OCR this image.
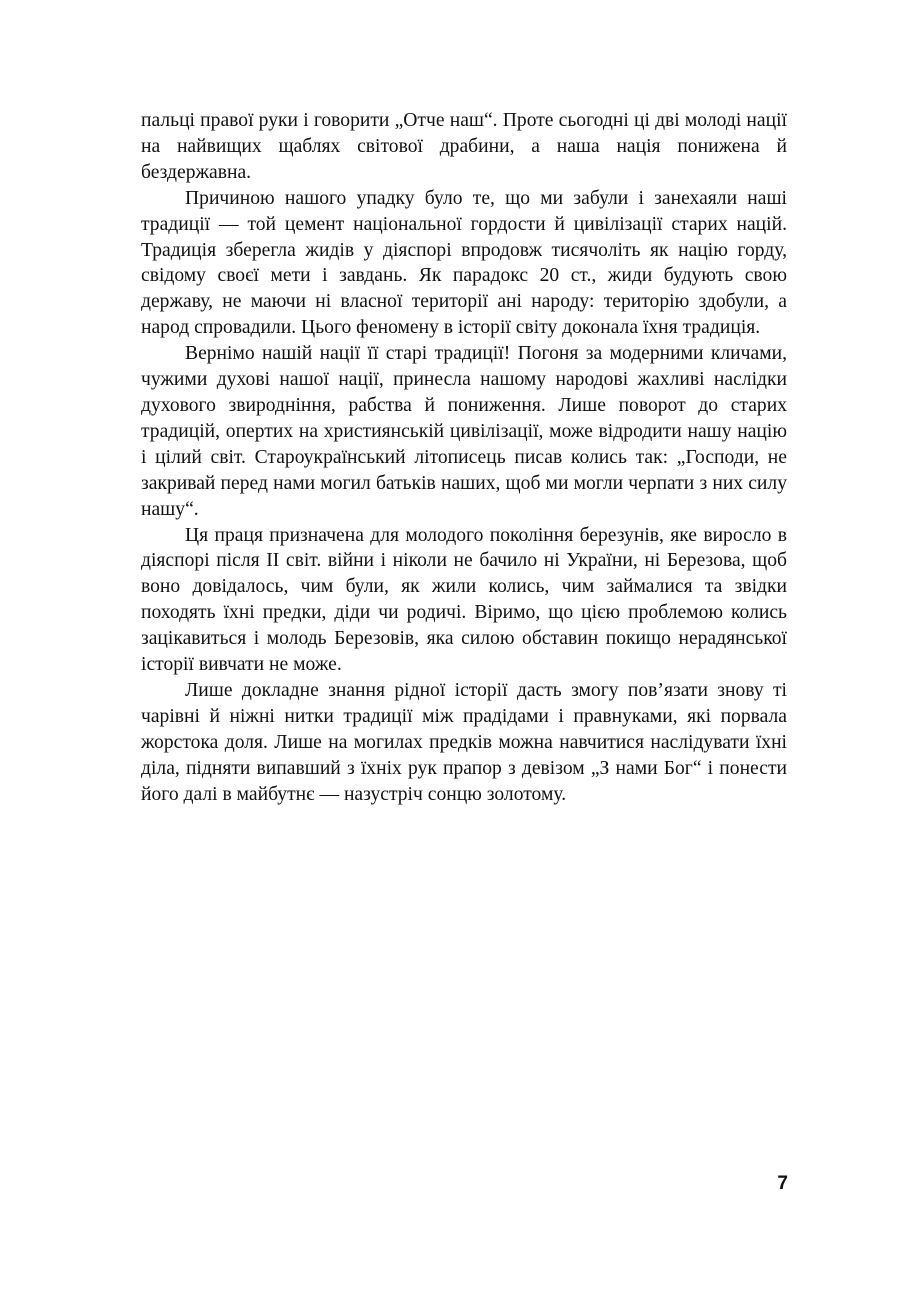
пальці правої руки і говорити „Отче наш“. Проте сьогодні ці дві молоді нації на найвищих щаблях світової драбини, а наша нація понижена й бездержавна.

Причиною нашого упадку було те, що ми забули і занехаяли наші традиції — той цемент національної гордости й цивілізації старих націй. Традиція зберегла жидів у діяспорі впродовж тисячоліть як націю горду, свідому своєї мети і завдань. Як парадокс 20 ст., жиди будують свою державу, не маючи ні власної території ані народу: територію здобули, а народ спровадили. Цього феномену в історії світу доконала їхня традиція.

Вернімо нашій нації її старі традиції! Погоня за модерними кличами, чужими духові нашої нації, принесла нашому народові жахливі наслідки духового звиродніння, рабства й пониження. Лише поворот до старих традицій, опертих на християнській цивілізації, може відродити нашу націю і цілий світ. Староукраїнський літописець писав колись так: „Господи, не закривай перед нами могил батьків наших, щоб ми могли черпати з них силу нашу“.

Ця праця призначена для молодого покоління березунів, яке виросло в діяспорі після II світ. війни і ніколи не бачило ні України, ні Березова, щоб воно довідалось, чим були, як жили колись, чим займалися та звідки походять їхні предки, діди чи родичі. Віримо, що цією проблемою колись зацікавиться і молодь Березовів, яка силою обставин покищо нерадянської історії вивчати не може.

Лише докладне знання рідної історії дасть змогу пов’язати знову ті чарівні й ніжні нитки традиції між прадідами і правнуками, які порвала жорстока доля. Лише на могилах предків можна навчитися наслідувати їхні діла, підняти випавший з їхніх рук прапор з девізом „З нами Бог“ і понести його далі в майбутнє — назустріч сонцю золотому.

7
